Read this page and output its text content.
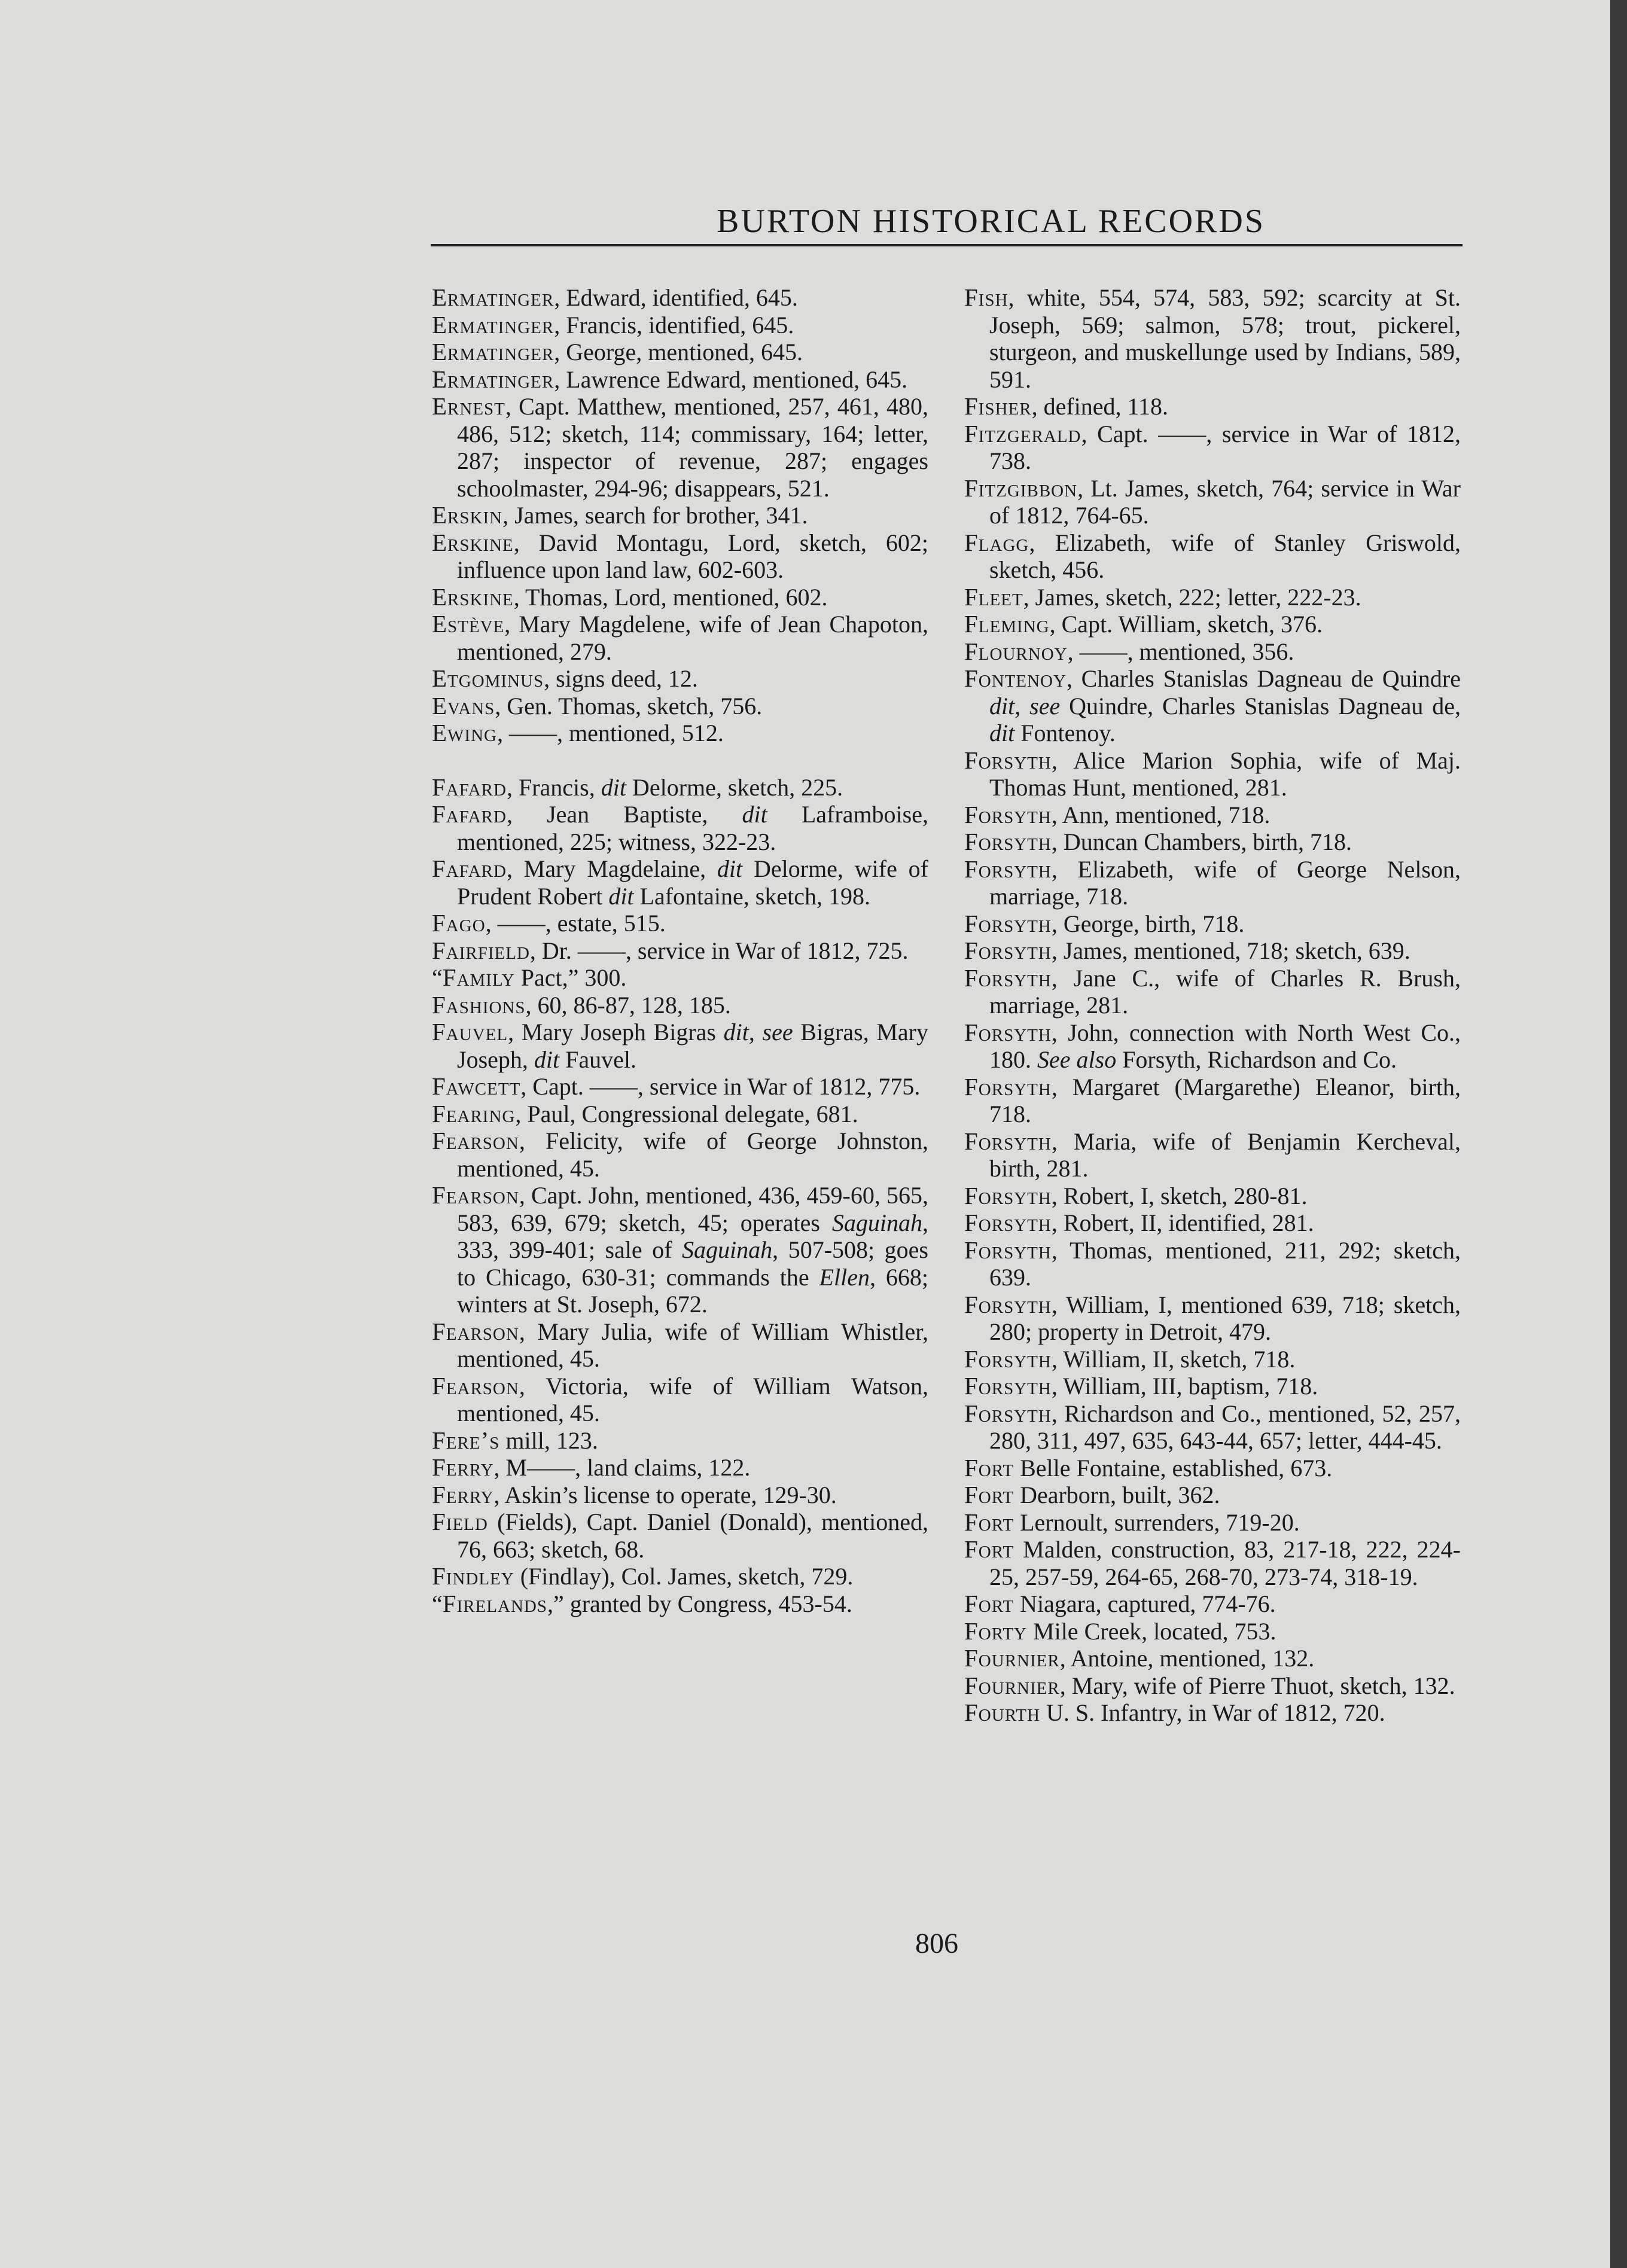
BURTON HISTORICAL RECORDS
Ermatinger, Edward, identified, 645.
Ermatinger, Francis, identified, 645.
Ermatinger, George, mentioned, 645.
Ermatinger, Lawrence Edward, mentioned, 645.
Ernest, Capt. Matthew, mentioned, 257, 461, 480, 486, 512; sketch, 114; commissary, 164; letter, 287; inspector of revenue, 287; engages schoolmaster, 294-96; disappears, 521.
Erskin, James, search for brother, 341.
Erskine, David Montagu, Lord, sketch, 602; influence upon land law, 602-603.
Erskine, Thomas, Lord, mentioned, 602.
Estève, Mary Magdelene, wife of Jean Chapoton, mentioned, 279.
Etgominus, signs deed, 12.
Evans, Gen. Thomas, sketch, 756.
Ewing, ——, mentioned, 512.
Fafard, Francis, dit Delorme, sketch, 225.
Fafard, Jean Baptiste, dit Laframboise, mentioned, 225; witness, 322-23.
Fafard, Mary Magdelaine, dit Delorme, wife of Prudent Robert dit Lafontaine, sketch, 198.
Fago, ——, estate, 515.
Fairfield, Dr. ——, service in War of 1812, 725.
“Family Pact,” 300.
Fashions, 60, 86-87, 128, 185.
Fauvel, Mary Joseph Bigras dit, see Bigras, Mary Joseph, dit Fauvel.
Fawcett, Capt. ——, service in War of 1812, 775.
Fearing, Paul, Congressional delegate, 681.
Fearson, Felicity, wife of George Johnston, mentioned, 45.
Fearson, Capt. John, mentioned, 436, 459-60, 565, 583, 639, 679; sketch, 45; operates Saguinah, 333, 399-401; sale of Saguinah, 507-508; goes to Chicago, 630-31; commands the Ellen, 668; winters at St. Joseph, 672.
Fearson, Mary Julia, wife of William Whistler, mentioned, 45.
Fearson, Victoria, wife of William Watson, mentioned, 45.
Fere’s mill, 123.
Ferry, M——, land claims, 122.
Ferry, Askin’s license to operate, 129-30.
Field (Fields), Capt. Daniel (Donald), mentioned, 76, 663; sketch, 68.
Findley (Findlay), Col. James, sketch, 729.
“Firelands,” granted by Congress, 453-54.
Fish, white, 554, 574, 583, 592; scarcity at St. Joseph, 569; salmon, 578; trout, pickerel, sturgeon, and muskellunge used by Indians, 589, 591.
Fisher, defined, 118.
Fitzgerald, Capt. ——, service in War of 1812, 738.
Fitzgibbon, Lt. James, sketch, 764; service in War of 1812, 764-65.
Flagg, Elizabeth, wife of Stanley Griswold, sketch, 456.
Fleet, James, sketch, 222; letter, 222-23.
Fleming, Capt. William, sketch, 376.
Flournoy, ——, mentioned, 356.
Fontenoy, Charles Stanislas Dagneau de Quindre dit, see Quindre, Charles Stanislas Dagneau de, dit Fontenoy.
Forsyth, Alice Marion Sophia, wife of Maj. Thomas Hunt, mentioned, 281.
Forsyth, Ann, mentioned, 718.
Forsyth, Duncan Chambers, birth, 718.
Forsyth, Elizabeth, wife of George Nelson, marriage, 718.
Forsyth, George, birth, 718.
Forsyth, James, mentioned, 718; sketch, 639.
Forsyth, Jane C., wife of Charles R. Brush, marriage, 281.
Forsyth, John, connection with North West Co., 180. See also Forsyth, Richardson and Co.
Forsyth, Margaret (Margarethe) Eleanor, birth, 718.
Forsyth, Maria, wife of Benjamin Kercheval, birth, 281.
Forsyth, Robert, I, sketch, 280-81.
Forsyth, Robert, II, identified, 281.
Forsyth, Thomas, mentioned, 211, 292; sketch, 639.
Forsyth, William, I, mentioned 639, 718; sketch, 280; property in Detroit, 479.
Forsyth, William, II, sketch, 718.
Forsyth, William, III, baptism, 718.
Forsyth, Richardson and Co., mentioned, 52, 257, 280, 311, 497, 635, 643-44, 657; letter, 444-45.
Fort Belle Fontaine, established, 673.
Fort Dearborn, built, 362.
Fort Lernoult, surrenders, 719-20.
Fort Malden, construction, 83, 217-18, 222, 224-25, 257-59, 264-65, 268-70, 273-74, 318-19.
Fort Niagara, captured, 774-76.
Forty Mile Creek, located, 753.
Fournier, Antoine, mentioned, 132.
Fournier, Mary, wife of Pierre Thuot, sketch, 132.
Fourth U. S. Infantry, in War of 1812, 720.
806
